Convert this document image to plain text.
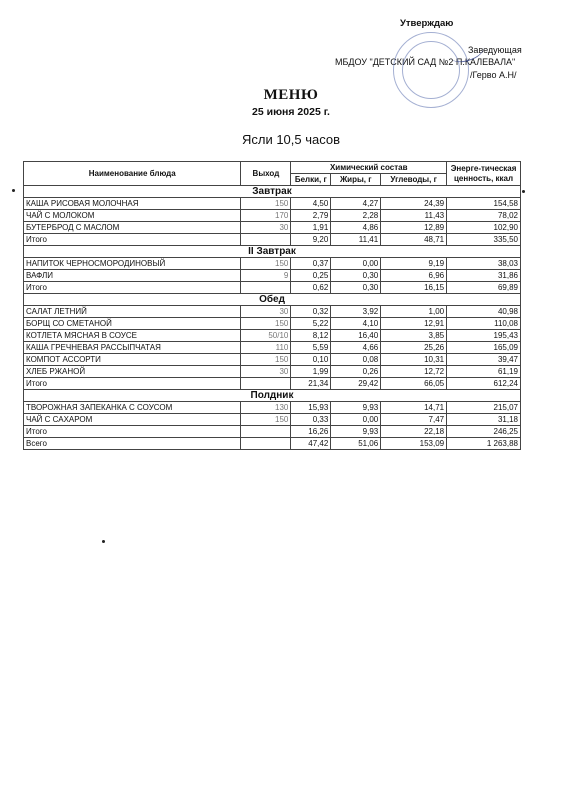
Утверждаю
Заведующая
МБДОУ "ДЕТСКИЙ САД №2 П.КАЛЕВАЛА"
/Герво А.Н/
МЕНЮ
25 июня 2025 г.
Ясли 10,5 часов
Наименование блюда	Выход	Химический состав			Энерге-тическая ценность, ккал
		Белки, г	Жиры, г	Углеводы, г	
Завтрак					
КАША РИСОВАЯ МОЛОЧНАЯ	150	4,50	4,27	24,39	154,58
ЧАЙ С МОЛОКОМ	170	2,79	2,28	11,43	78,02
БУТЕРБРОД С МАСЛОМ	30	1,91	4,86	12,89	102,90
Итого		9,20	11,41	48,71	335,50
II Завтрак					
НАПИТОК ЧЕРНОСМОРОДИНОВЫЙ	150	0,37	0,00	9,19	38,03
ВАФЛИ	9	0,25	0,30	6,96	31,86
Итого		0,62	0,30	16,15	69,89
Обед					
САЛАТ ЛЕТНИЙ	30	0,32	3,92	1,00	40,98
БОРЩ СО СМЕТАНОЙ	150	5,22	4,10	12,91	110,08
КОТЛЕТА МЯСНАЯ В СОУСЕ	50/10	8,12	16,40	3,85	195,43
КАША ГРЕЧНЕВАЯ РАССЫПЧАТАЯ	110	5,59	4,66	25,26	165,09
КОМПОТ АССОРТИ	150	0,10	0,08	10,31	39,47
ХЛЕБ РЖАНОЙ	30	1,99	0,26	12,72	61,19
Итого		21,34	29,42	66,05	612,24
Полдник					
ТВОРОЖНАЯ ЗАПЕКАНКА С СОУСОМ	130	15,93	9,93	14,71	215,07
ЧАЙ С САХАРОМ	150	0,33	0,00	7,47	31,18
Итого		16,26	9,93	22,18	246,25
Всего		47,42	51,06	153,09	1 263,88
